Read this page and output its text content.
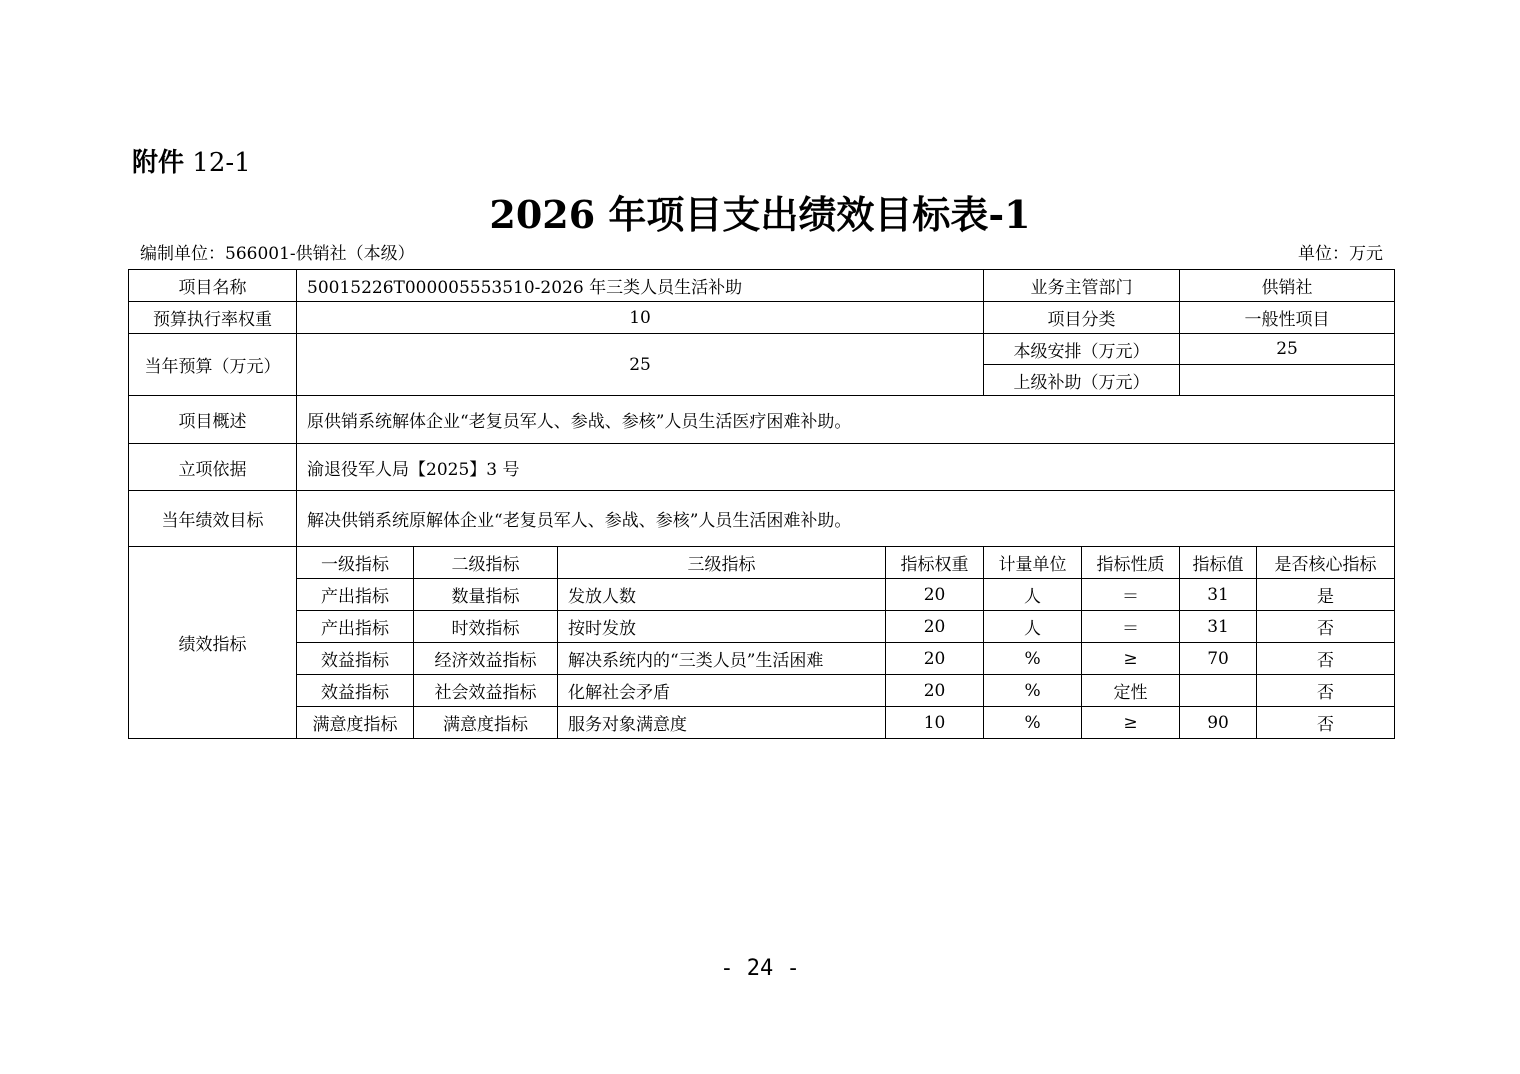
附件 12-1
2026 年项目支出绩效目标表-1
编制单位：566001-供销社（本级）	单位：万元
项目名称	50015226T000005553510-2026 年三类人员生活补助				业务主管部门		供销社	
预算执行率权重	10				项目分类		一般性项目	
当年预算（万元）	25				本级安排（万元）		25	
					上级补助（万元）			
项目概述	原供销系统解体企业“老复员军人、参战、参核”人员生活医疗困难补助。							
立项依据	渝退役军人局【2025】3 号							
当年绩效目标	解决供销系统原解体企业“老复员军人、参战、参核”人员生活困难补助。							
绩效指标	一级指标	二级指标	三级指标	指标权重	计量单位	指标性质	指标值	是否核心指标
	产出指标	数量指标	发放人数	20	人	＝	31	是
	产出指标	时效指标	按时发放	20	人	＝	31	否
	效益指标	经济效益指标	解决系统内的“三类人员”生活困难	20	%	≥	70	否
	效益指标	社会效益指标	化解社会矛盾	20	%	定性		否
	满意度指标	满意度指标	服务对象满意度	10	%	≥	90	否
- 24 -
